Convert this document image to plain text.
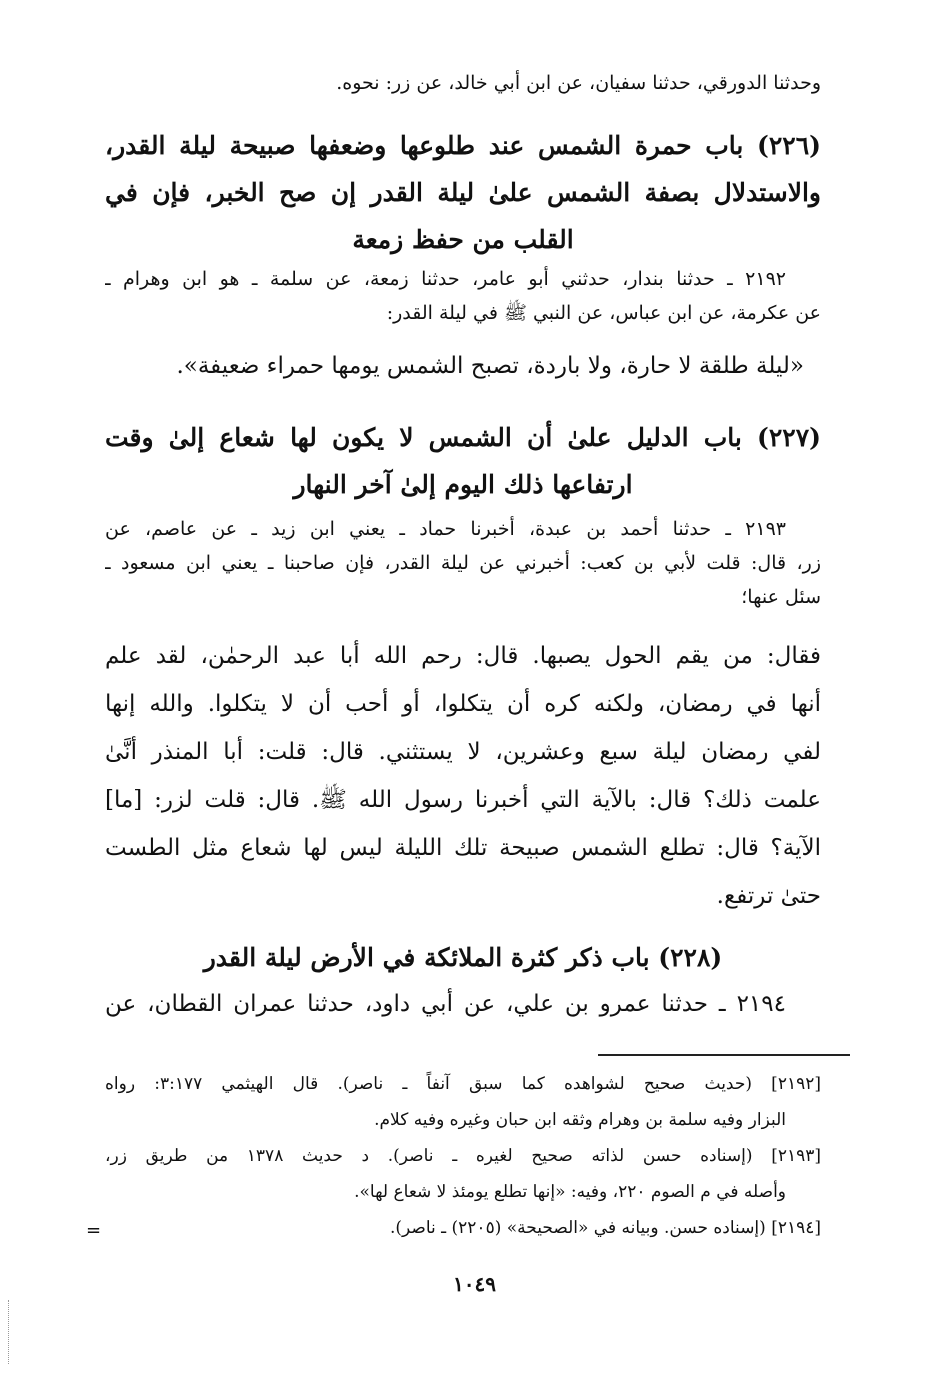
وحدثنا الدورقي، حدثنا سفيان، عن ابن أبي خالد، عن زر: نحوه.
(٢٢٦) باب حمرة الشمس عند طلوعها وضعفها صبيحة ليلة القدر،
والاستدلال بصفة الشمس علىٰ ليلة القدر إن صح الخبر، فإن في
القلب من حفظ زمعة
٢١٩٢ ـ حدثنا بندار، حدثني أبو عامر، حدثنا زمعة، عن سلمة ـ هو ابن وهرام ـ
عن عكرمة، عن ابن عباس، عن النبي ﷺ في ليلة القدر:
«ليلة طلقة لا حارة، ولا باردة، تصبح الشمس يومها حمراء ضعيفة».
(٢٢٧) باب الدليل علىٰ أن الشمس لا يكون لها شعاع إلىٰ وقت
ارتفاعها ذلك اليوم إلىٰ آخر النهار
٢١٩٣ ـ حدثنا أحمد بن عبدة، أخبرنا حماد ـ يعني ابن زيد ـ عن عاصم، عن
زر، قال: قلت لأبي بن كعب: أخبرني عن ليلة القدر، فإن صاحبنا ـ يعني ابن مسعود ـ
سئل عنها؛
فقال: من يقم الحول يصبها. قال: رحم الله أبا عبد الرحمٰن، لقد علم
أنها في رمضان، ولكنه كره أن يتكلوا، أو أحب أن لا يتكلوا. والله إنها
لفي رمضان ليلة سبع وعشرين، لا يستثني. قال: قلت: أبا المنذر أنَّىٰ
علمت ذلك؟ قال: بالآية التي أخبرنا رسول الله ﷺ. قال: قلت لزر: [ما]
الآية؟ قال: تطلع الشمس صبيحة تلك الليلة ليس لها شعاع مثل الطست
حتىٰ ترتفع.
(٢٢٨) باب ذكر كثرة الملائكة في الأرض ليلة القدر
٢١٩٤ ـ حدثنا عمرو بن علي، عن أبي داود، حدثنا عمران القطان، عن
[٢١٩٢] (حديث صحيح لشواهده كما سبق آنفاً ـ ناصر). قال الهيثمي ٣:١٧٧: رواه
البزار وفيه سلمة بن وهرام وثقه ابن حبان وغيره وفيه كلام.
[٢١٩٣] (إسناده حسن لذاته صحيح لغيره ـ ناصر). د حديث ١٣٧٨ من طريق زر،
وأصله في م الصوم ٢٢٠، وفيه: «إنها تطلع يومئذ لا شعاع لها».
[٢١٩٤] (إسناده حسن. وبيانه في «الصحيحة» (٢٢٠٥) ـ ناصر).
=
١٠٤٩
